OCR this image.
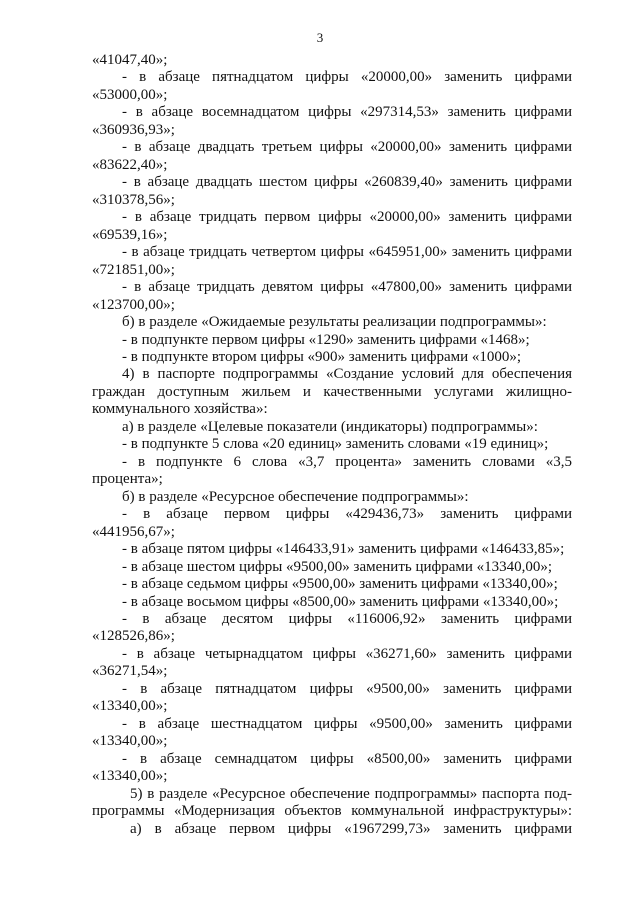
3
«41047,40»;
- в абзаце пятнадцатом цифры «20000,00» заменить цифрами
«53000,00»;
- в абзаце восемнадцатом цифры «297314,53» заменить цифрами
«360936,93»;
- в абзаце двадцать третьем цифры «20000,00» заменить цифрами
«83622,40»;
- в абзаце двадцать шестом цифры «260839,40» заменить цифрами
«310378,56»;
- в абзаце тридцать первом цифры «20000,00» заменить цифрами
«69539,16»;
- в абзаце тридцать четвертом цифры «645951,00» заменить цифрами
«721851,00»;
- в абзаце тридцать девятом цифры «47800,00» заменить цифрами
«123700,00»;
б) в разделе «Ожидаемые результаты реализации подпрограммы»:
- в подпункте первом цифры «1290» заменить цифрами «1468»;
- в подпункте втором цифры «900» заменить цифрами «1000»;
4) в паспорте подпрограммы «Создание условий для обеспечения
граждан доступным жильем и качественными услугами жилищно-
коммунального хозяйства»:
а) в разделе «Целевые показатели (индикаторы) подпрограммы»:
- в подпункте 5 слова «20 единиц» заменить словами «19 единиц»;
- в подпункте 6 слова «3,7 процента» заменить словами «3,5
процента»;
б) в разделе «Ресурсное обеспечение подпрограммы»:
- в абзаце первом цифры «429436,73» заменить цифрами
«441956,67»;
- в абзаце пятом цифры «146433,91» заменить цифрами «146433,85»;
- в абзаце шестом цифры «9500,00» заменить цифрами «13340,00»;
- в абзаце седьмом цифры «9500,00» заменить цифрами «13340,00»;
- в абзаце восьмом цифры «8500,00» заменить цифрами «13340,00»;
- в абзаце десятом цифры «116006,92» заменить цифрами
«128526,86»;
- в абзаце четырнадцатом цифры «36271,60» заменить цифрами
«36271,54»;
- в абзаце пятнадцатом цифры «9500,00» заменить цифрами
«13340,00»;
- в абзаце шестнадцатом цифры «9500,00» заменить цифрами
«13340,00»;
- в абзаце семнадцатом цифры «8500,00» заменить цифрами
«13340,00»;
5) в разделе «Ресурсное обеспечение подпрограммы» паспорта под-
программы «Модернизация объектов коммунальной инфраструктуры»:
а) в абзаце первом цифры «1967299,73» заменить цифрами
